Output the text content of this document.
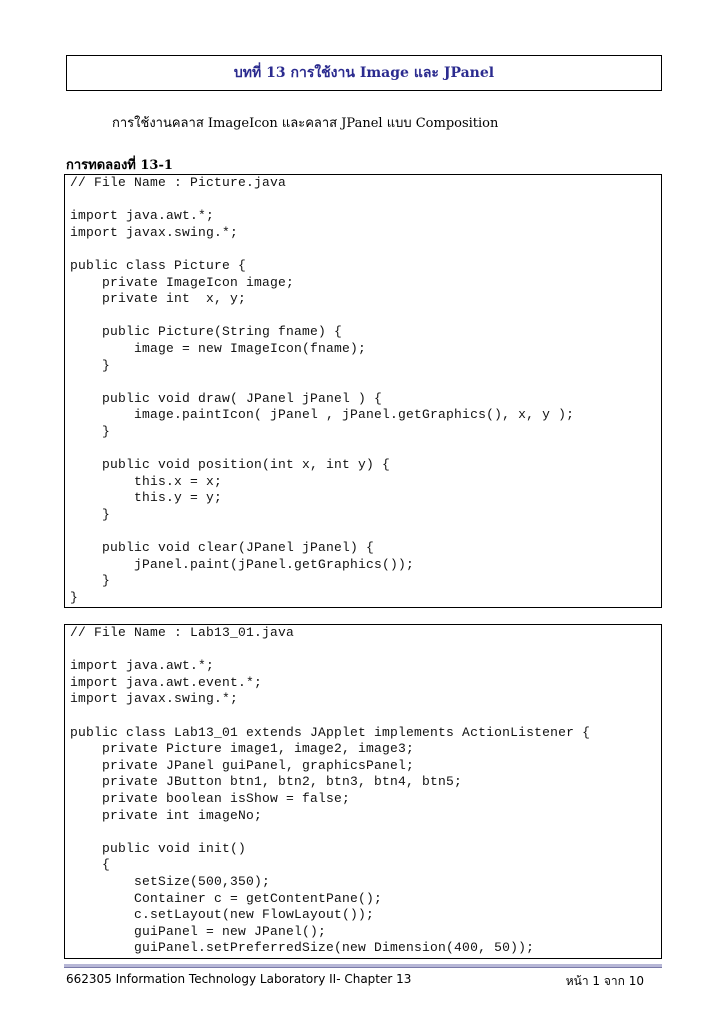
บทที่ 13 การใช้งาน Image และ JPanel
การใช้งานคลาส ImageIcon และคลาส JPanel แบบ Composition
การทดลองที่ 13-1
// File Name : Picture.java
import java.awt.*;
import javax.swing.*;
public class Picture {
private ImageIcon image;
private int  x, y;
public Picture(String fname) {
image = new ImageIcon(fname);
}
public void draw( JPanel jPanel ) {
image.paintIcon( jPanel , jPanel.getGraphics(), x, y );
}
public void position(int x, int y) {
this.x = x;
this.y = y;
}
public void clear(JPanel jPanel) {
jPanel.paint(jPanel.getGraphics());
}
}
// File Name : Lab13_01.java
import java.awt.*;
import java.awt.event.*;
import javax.swing.*;
public class Lab13_01 extends JApplet implements ActionListener {
private Picture image1, image2, image3;
private JPanel guiPanel, graphicsPanel;
private JButton btn1, btn2, btn3, btn4, btn5;
private boolean isShow = false;
private int imageNo;
public void init()
{
setSize(500,350);
Container c = getContentPane();
c.setLayout(new FlowLayout());
guiPanel = new JPanel();
guiPanel.setPreferredSize(new Dimension(400, 50));
662305 Information Technology Laboratory II- Chapter 13	หน้า 1 จาก 10
